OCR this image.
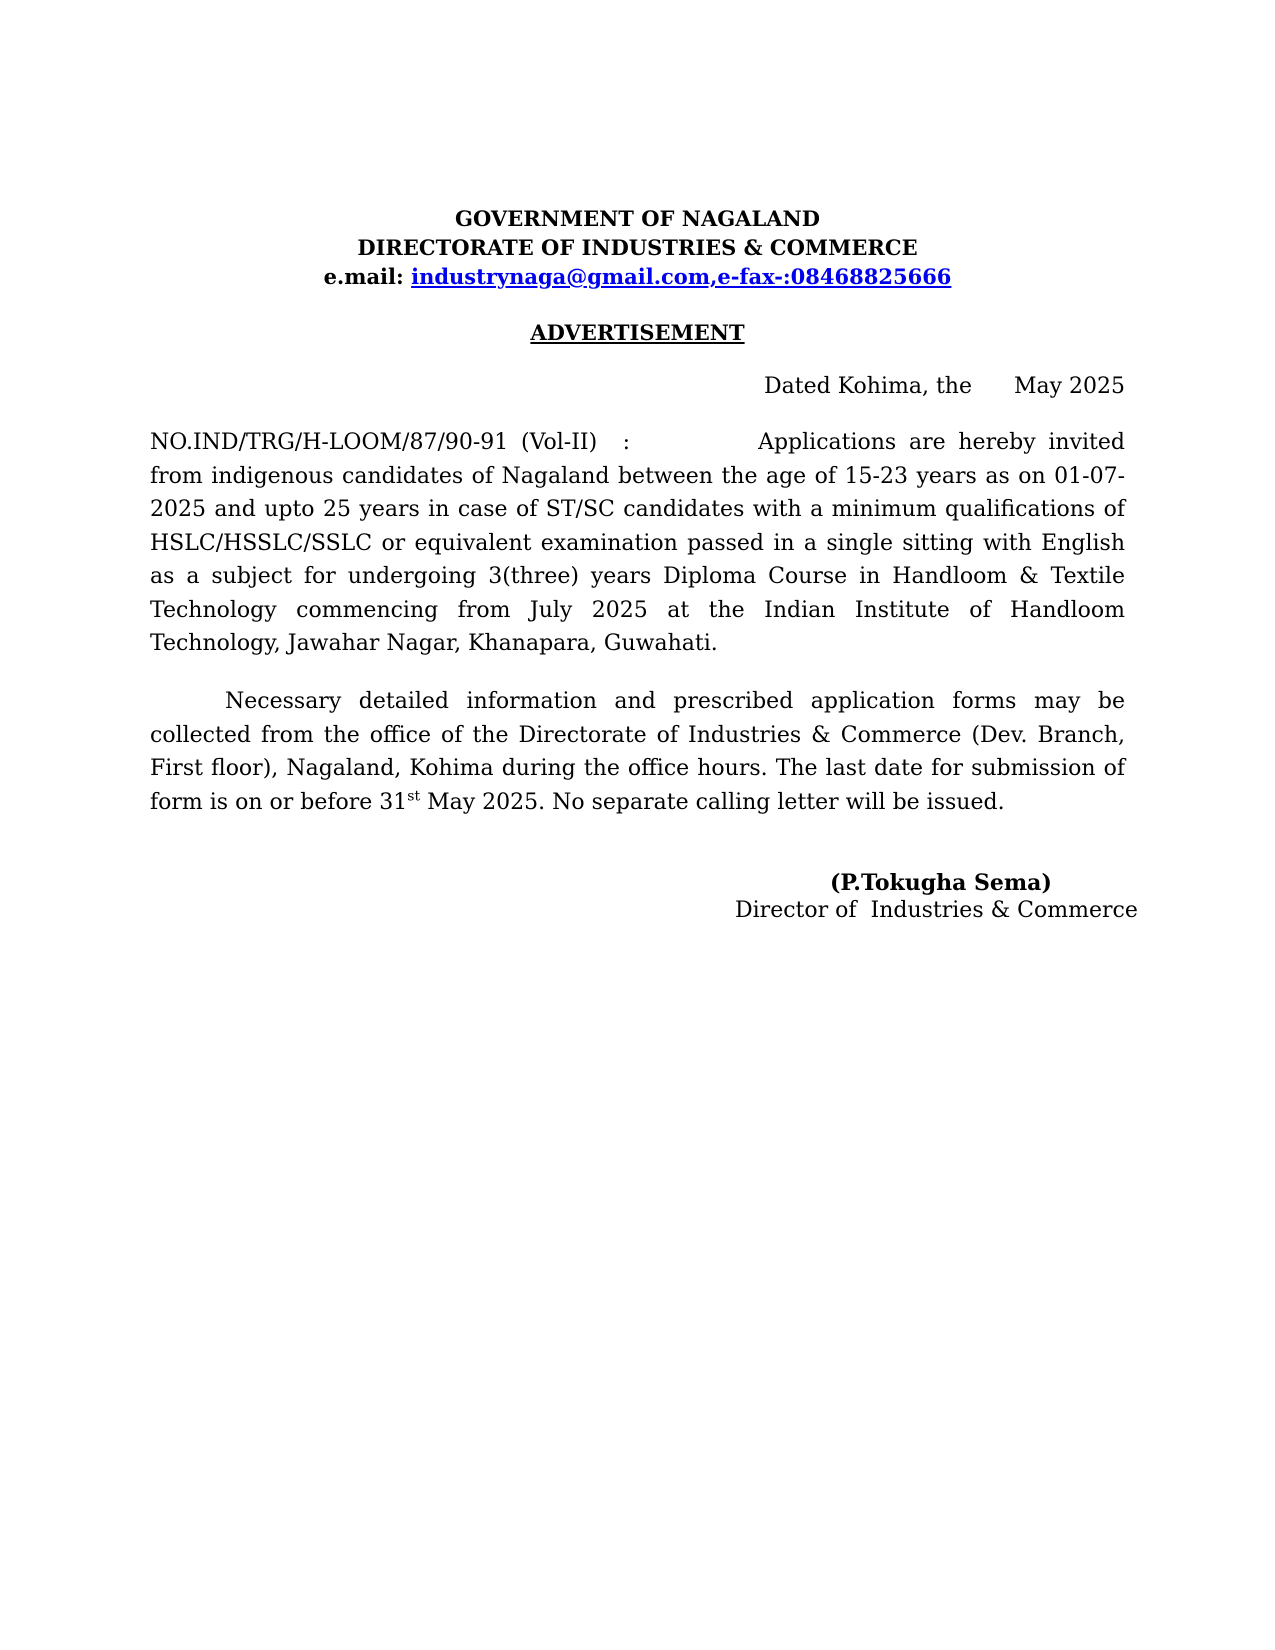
GOVERNMENT OF NAGALAND
DIRECTORATE OF INDUSTRIES & COMMERCE
e.mail: industrynaga@gmail.com,e-fax-:08468825666
ADVERTISEMENT
Dated Kohima, the      May 2025
NO.IND/TRG/H-LOOM/87/90-91 (Vol-II)  :	Applications are hereby invited from indigenous candidates of Nagaland between the age of 15-23 years as on 01-07-2025 and upto 25 years in case of ST/SC candidates with a minimum qualifications of HSLC/HSSLC/SSLC or equivalent examination passed in a single sitting with English as a subject for undergoing 3(three) years Diploma Course in Handloom & Textile Technology commencing from July 2025 at the Indian Institute of Handloom Technology, Jawahar Nagar, Khanapara, Guwahati.
Necessary detailed information and prescribed application forms may be collected from the office of the Directorate of Industries & Commerce (Dev. Branch, First floor), Nagaland, Kohima during the office hours. The last date for submission of form is on or before 31st May 2025. No separate calling letter will be issued.
(P.Tokugha Sema)
Director of  Industries & Commerce
